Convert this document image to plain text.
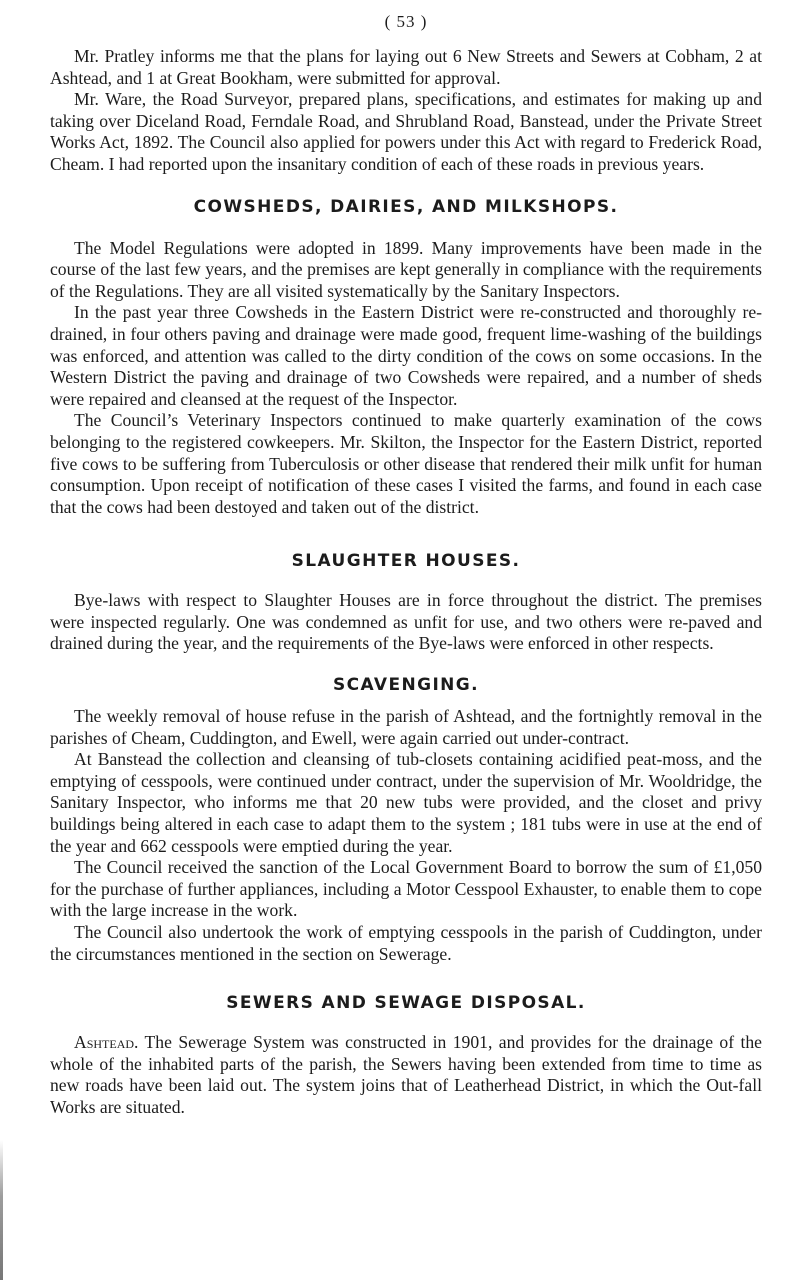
( 53 )

Mr. Pratley informs me that the plans for laying out 6 New Streets and Sewers at Cobham, 2 at Ashtead, and 1 at Great Bookham, were submitted for approval.

Mr. Ware, the Road Surveyor, prepared plans, specifications, and estimates for making up and taking over Diceland Road, Ferndale Road, and Shrubland Road, Banstead, under the Private Street Works Act, 1892. The Council also applied for powers under this Act with regard to Frederick Road, Cheam. I had reported upon the insanitary condition of each of these roads in previous years.

COWSHEDS, DAIRIES, AND MILKSHOPS.

The Model Regulations were adopted in 1899. Many improvements have been made in the course of the last few years, and the premises are kept generally in compliance with the requirements of the Regulations. They are all visited systematically by the Sanitary Inspectors.

In the past year three Cowsheds in the Eastern District were re-constructed and thoroughly re-drained, in four others paving and drainage were made good, frequent lime-washing of the buildings was enforced, and attention was called to the dirty condition of the cows on some occasions. In the Western District the paving and drainage of two Cowsheds were repaired, and a number of sheds were repaired and cleansed at the request of the Inspector.

The Council’s Veterinary Inspectors continued to make quarterly examination of the cows belonging to the registered cowkeepers. Mr. Skilton, the Inspector for the Eastern District, reported five cows to be suffering from Tuberculosis or other disease that rendered their milk unfit for human consumption. Upon receipt of notification of these cases I visited the farms, and found in each case that the cows had been destoyed and taken out of the district.

SLAUGHTER HOUSES.

Bye-laws with respect to Slaughter Houses are in force throughout the district. The premises were inspected regularly. One was condemned as unfit for use, and two others were re-paved and drained during the year, and the requirements of the Bye-laws were enforced in other respects.

SCAVENGING.

The weekly removal of house refuse in the parish of Ashtead, and the fortnightly removal in the parishes of Cheam, Cuddington, and Ewell, were again carried out under-contract.

At Banstead the collection and cleansing of tub-closets containing acidified peat-moss, and the emptying of cesspools, were continued under contract, under the supervision of Mr. Wooldridge, the Sanitary Inspector, who informs me that 20 new tubs were provided, and the closet and privy buildings being altered in each case to adapt them to the system ; 181 tubs were in use at the end of the year and 662 cesspools were emptied during the year.

The Council received the sanction of the Local Government Board to borrow the sum of £1,050 for the purchase of further appliances, including a Motor Cesspool Exhauster, to enable them to cope with the large increase in the work.

The Council also undertook the work of emptying cesspools in the parish of Cuddington, under the circumstances mentioned in the section on Sewerage.

SEWERS AND SEWAGE DISPOSAL.

Ashtead. The Sewerage System was constructed in 1901, and provides for the drainage of the whole of the inhabited parts of the parish, the Sewers having been extended from time to time as new roads have been laid out. The system joins that of Leatherhead District, in which the Out-fall Works are situated.
